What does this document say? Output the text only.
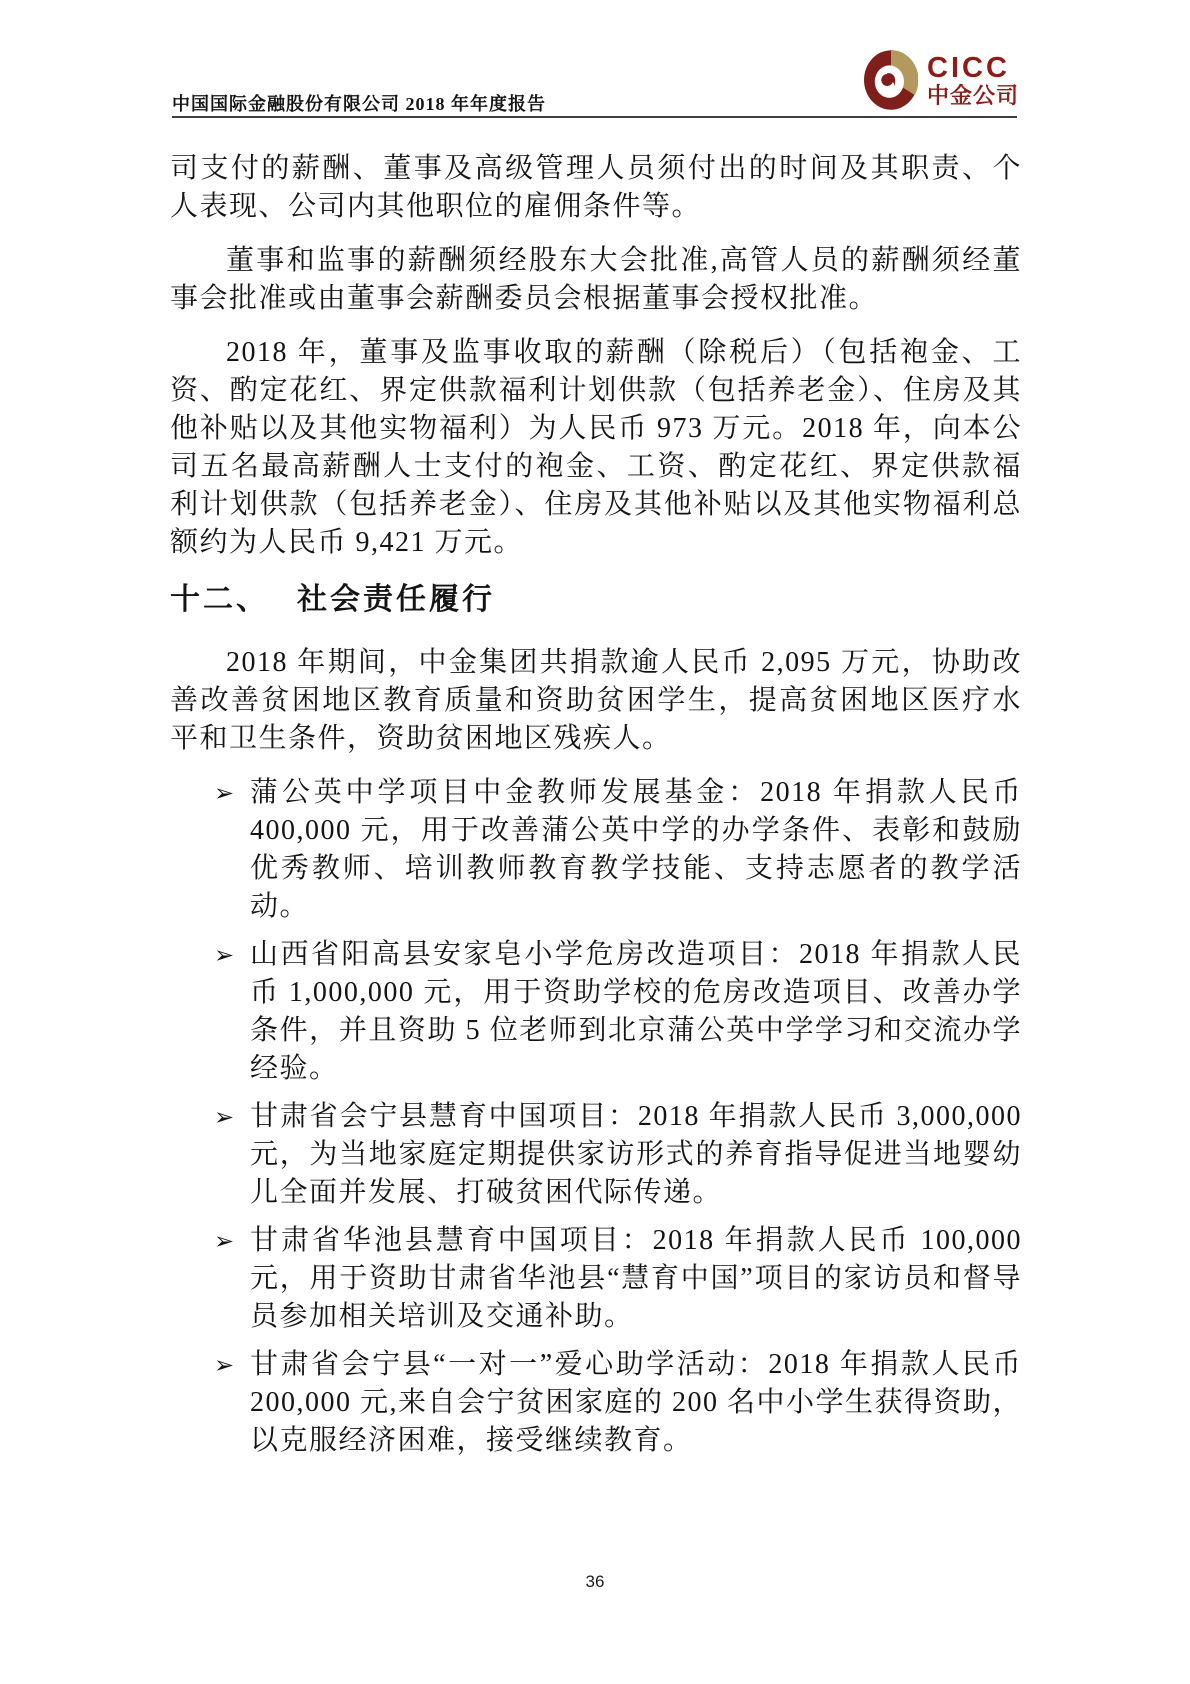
中国国际金融股份有限公司 2018 年年度报告
CICC
中金公司

司支付的薪酬、董事及高级管理人员须付出的时间及其职责、个人表现、公司内其他职位的雇佣条件等。

董事和监事的薪酬须经股东大会批准,高管人员的薪酬须经董事会批准或由董事会薪酬委员会根据董事会授权批准。

2018 年，董事及监事收取的薪酬（除税后）（包括袍金、工资、酌定花红、界定供款福利计划供款（包括养老金）、住房及其他补贴以及其他实物福利）为人民币 973 万元。2018 年，向本公司五名最高薪酬人士支付的袍金、工资、酌定花红、界定供款福利计划供款（包括养老金）、住房及其他补贴以及其他实物福利总额约为人民币 9,421 万元。

十二、 社会责任履行

2018 年期间，中金集团共捐款逾人民币 2,095 万元，协助改善改善贫困地区教育质量和资助贫困学生，提高贫困地区医疗水平和卫生条件，资助贫困地区残疾人。

➢ 蒲公英中学项目中金教师发展基金：2018 年捐款人民币 400,000 元，用于改善蒲公英中学的办学条件、表彰和鼓励优秀教师、培训教师教育教学技能、支持志愿者的教学活动。
➢ 山西省阳高县安家皂小学危房改造项目：2018 年捐款人民币 1,000,000 元，用于资助学校的危房改造项目、改善办学条件，并且资助 5 位老师到北京蒲公英中学学习和交流办学经验。
➢ 甘肃省会宁县慧育中国项目：2018 年捐款人民币 3,000,000 元，为当地家庭定期提供家访形式的养育指导促进当地婴幼儿全面并发展、打破贫困代际传递。
➢ 甘肃省华池县慧育中国项目：2018 年捐款人民币 100,000 元，用于资助甘肃省华池县“慧育中国”项目的家访员和督导员参加相关培训及交通补助。
➢ 甘肃省会宁县“一对一”爱心助学活动：2018 年捐款人民币 200,000 元,来自会宁贫困家庭的 200 名中小学生获得资助，以克服经济困难，接受继续教育。
36
